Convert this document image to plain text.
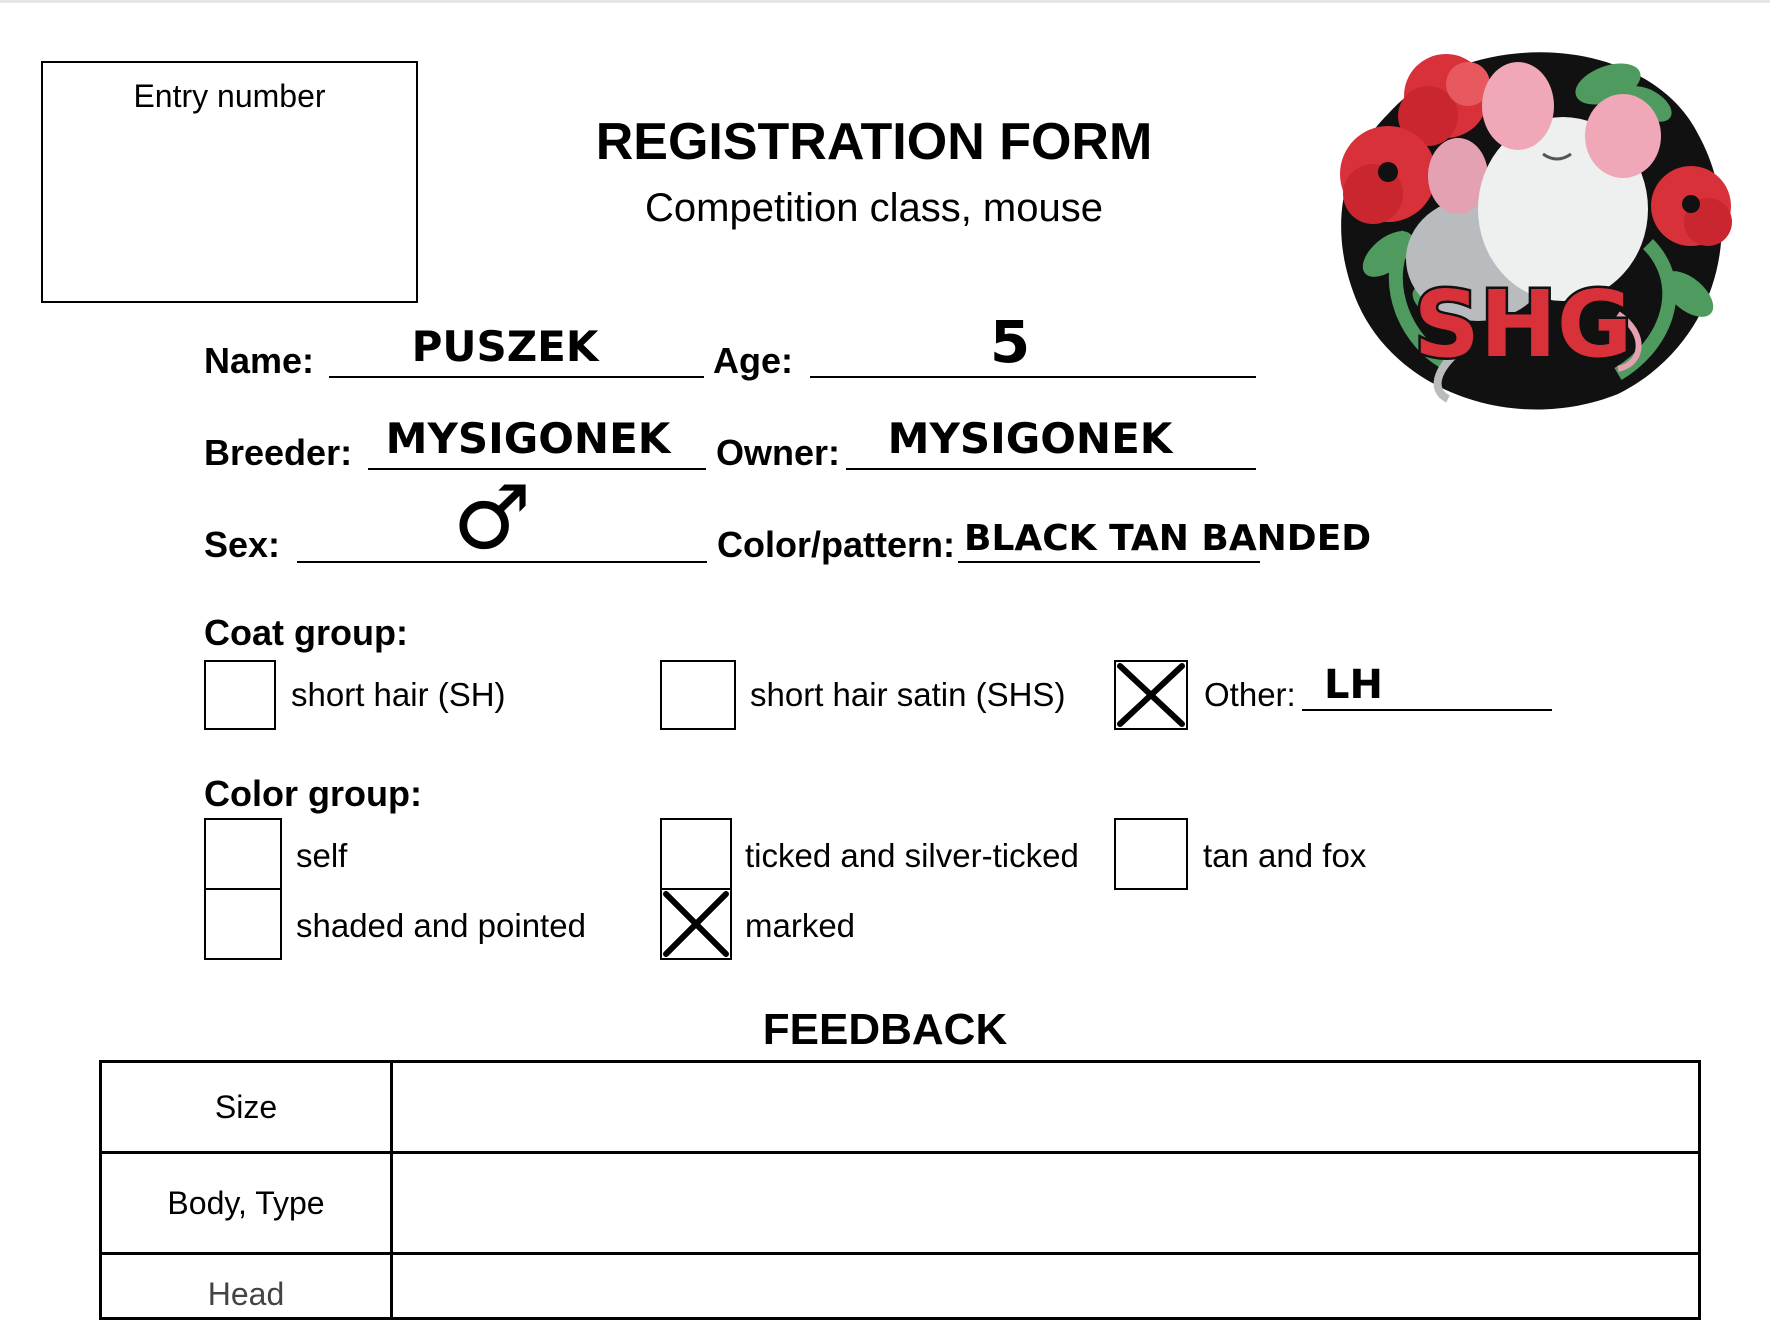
Entry number
REGISTRATION FORM
Competition class, mouse
SHG
Name:	PUSZEK	Age:	5
Breeder: MYSIGONEK Owner: MYSIGONEK
Sex: ♂	Color/pattern: BLACK TAN BANDED
Coat group:
short hair (SH)	short hair satin (SHS)	Other: LH
Color group:
self	ticked and silver-ticked	tan and fox
shaded and pointed	marked
FEEDBACK
Size	
Body, Type	
Head	
